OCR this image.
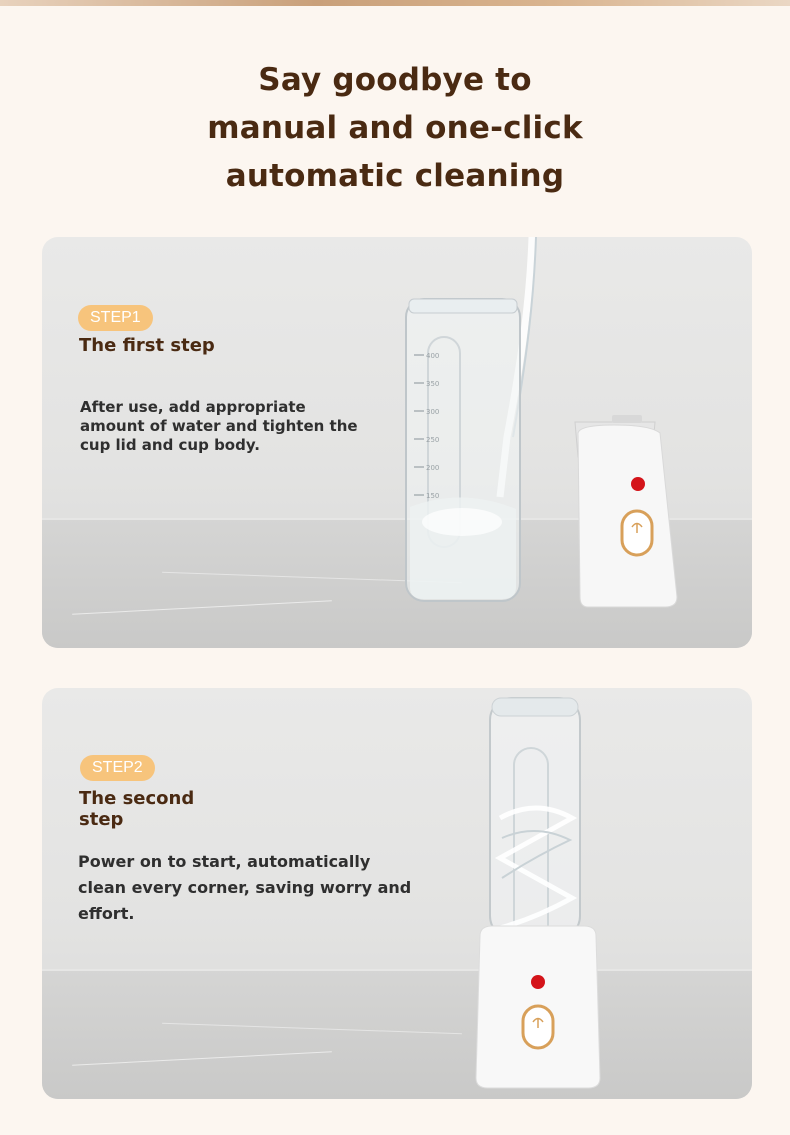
Say goodbye to
manual and one-click
automatic cleaning
STEP1
The first step
After use, add appropriate amount of water and tighten the cup lid and cup body.
400
350
300
250
200
150
STEP2
The second step
Power on to start, automatically clean every corner, saving worry and effort.
